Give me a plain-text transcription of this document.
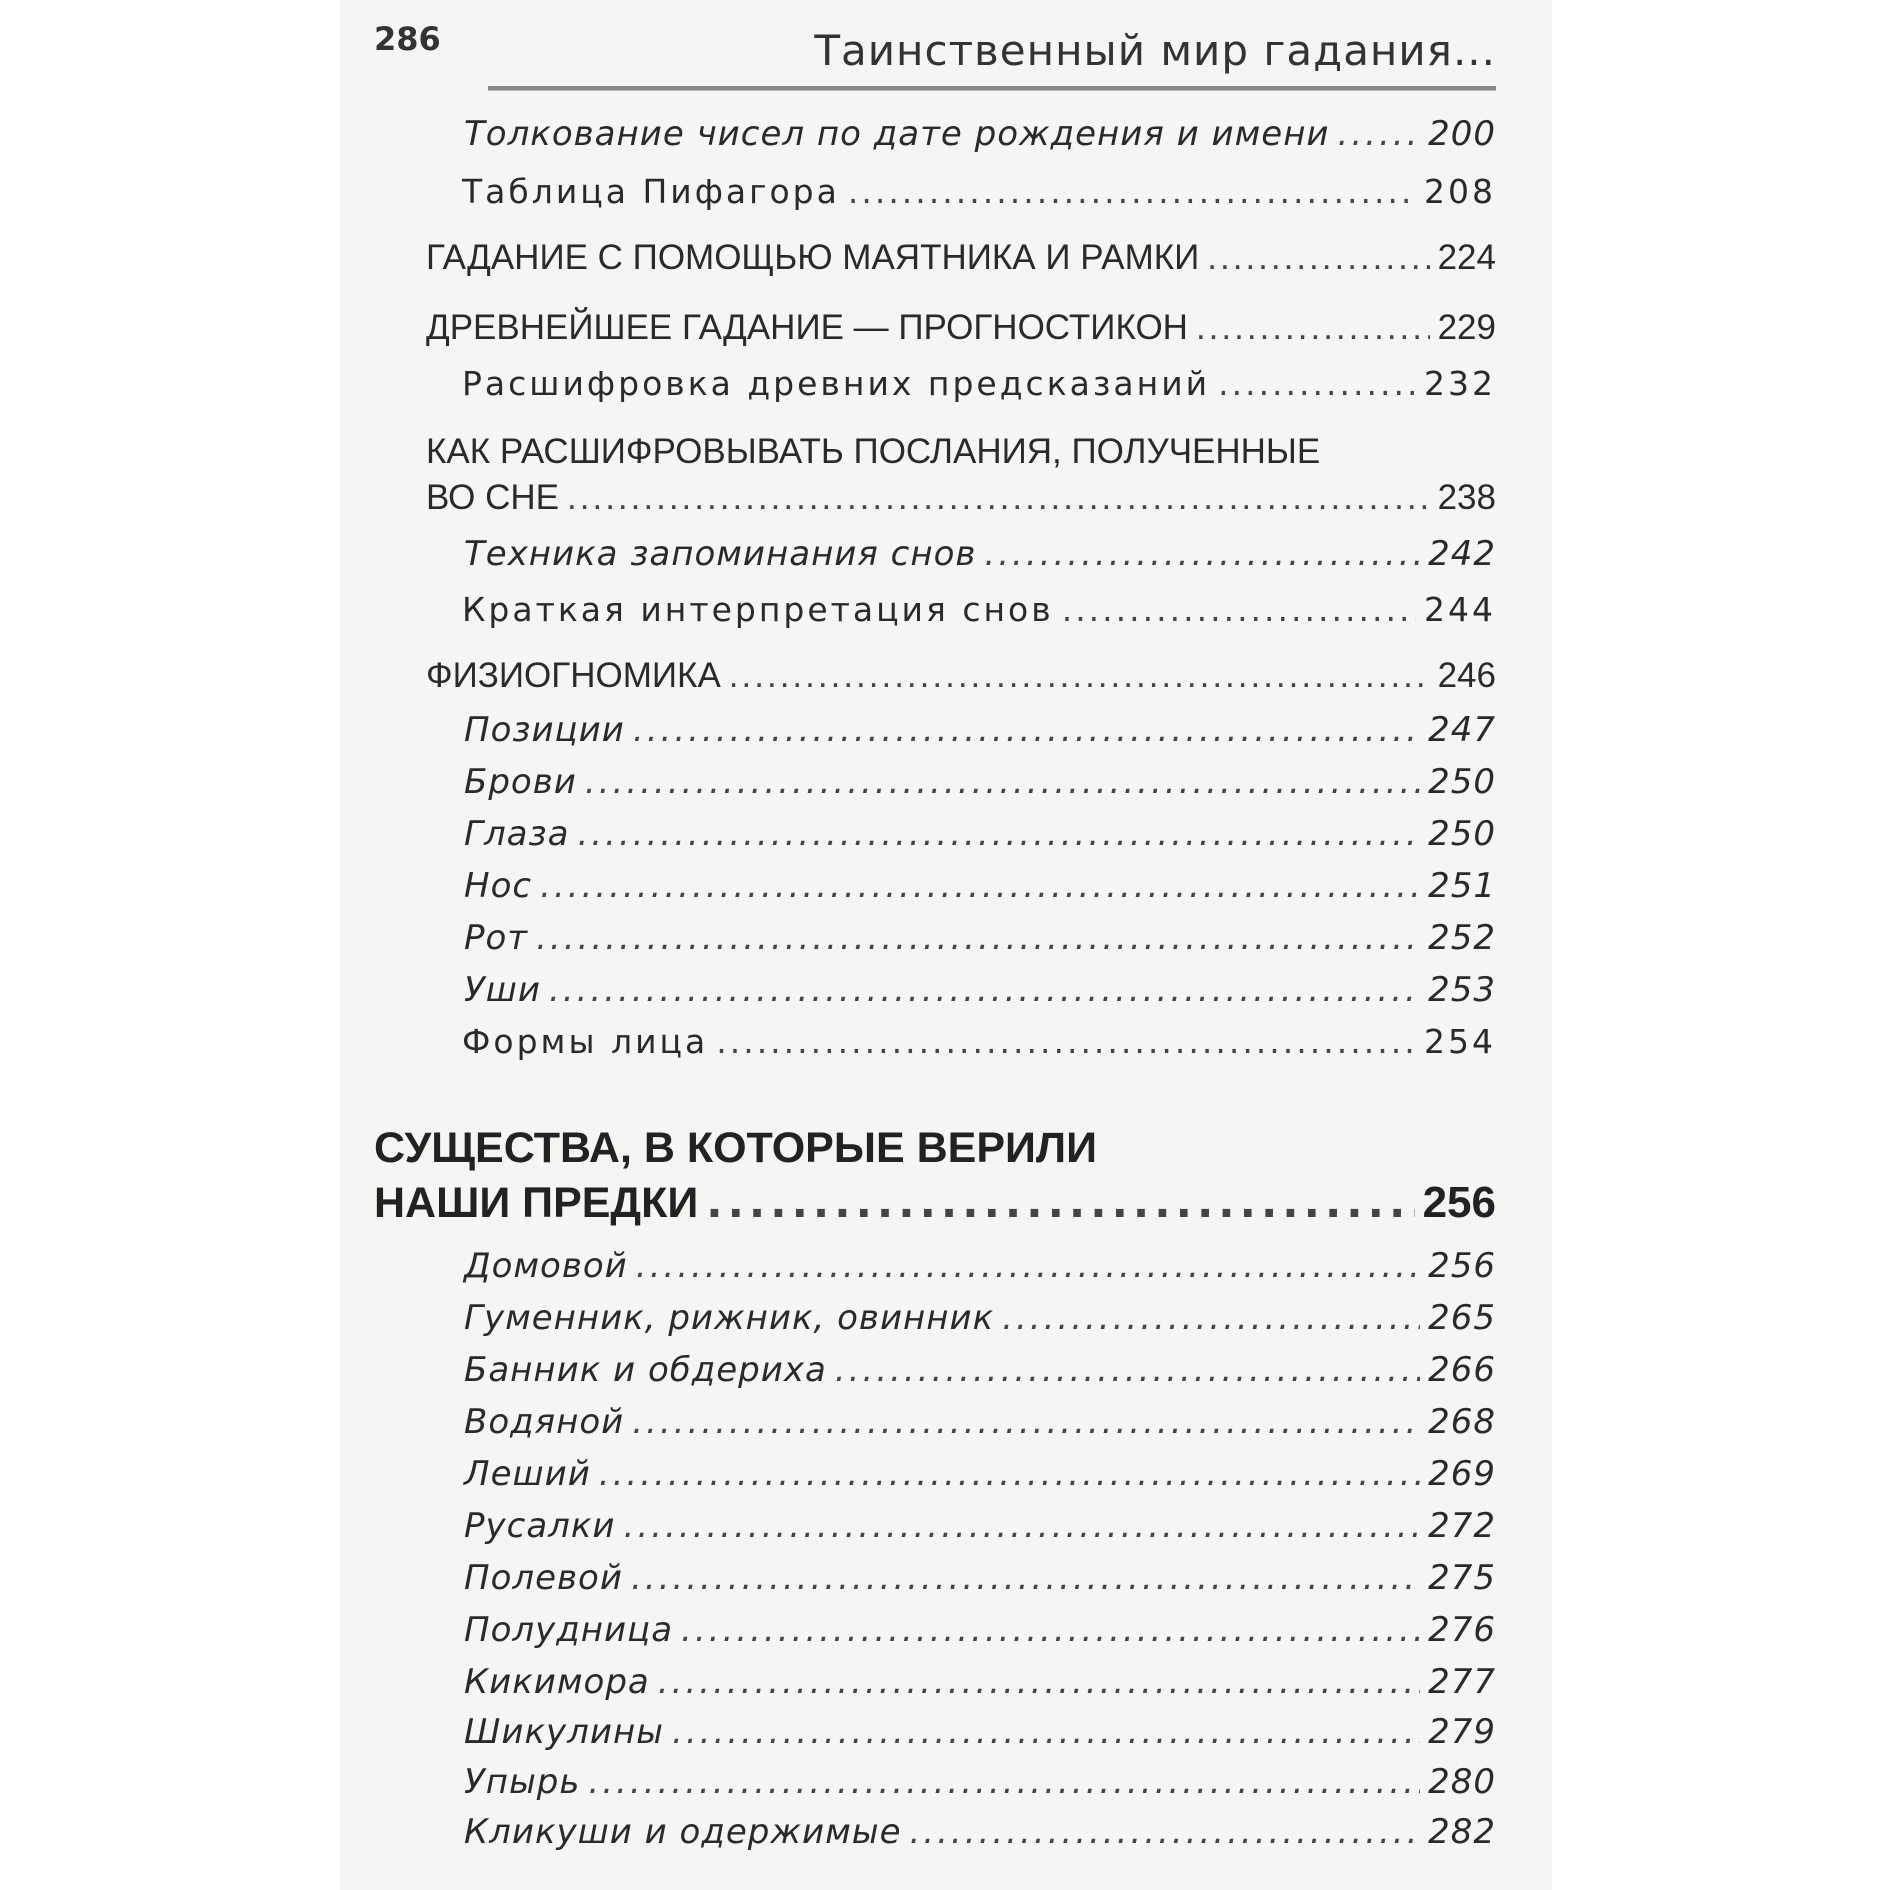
286	Таинственный мир гадания...
Толкование чисел по дате рождения и имени .....	200
Таблица Пифагора .....	208
ГАДАНИЕ С ПОМОЩЬЮ МАЯТНИКА И РАМКИ .....	224
ДРЕВНЕЙШЕЕ ГАДАНИЕ — ПРОГНОСТИКОН .....	229
Расшифровка древних предсказаний .....	232
КАК РАСШИФРОВЫВАТЬ ПОСЛАНИЯ, ПОЛУЧЕННЫЕ
ВО СНЕ .....	238
Техника запоминания снов .....	242
Краткая интерпретация снов .....	244
ФИЗИОГНОМИКА .....	246
Позиции .....	247
Брови .....	250
Глаза .....	250
Нос .....	251
Рот .....	252
Уши .....	253
Формы лица .....	254
СУЩЕСТВА, В КОТОРЫЕ ВЕРИЛИ
НАШИ ПРЕДКИ .....	256
Домовой .....	256
Гуменник, рижник, овинник .....	265
Банник и обдериха .....	266
Водяной .....	268
Леший .....	269
Русалки .....	272
Полевой .....	275
Полудница .....	276
Кикимора .....	277
Шикулины .....	279
Упырь .....	280
Кликуши и одержимые .....	282
